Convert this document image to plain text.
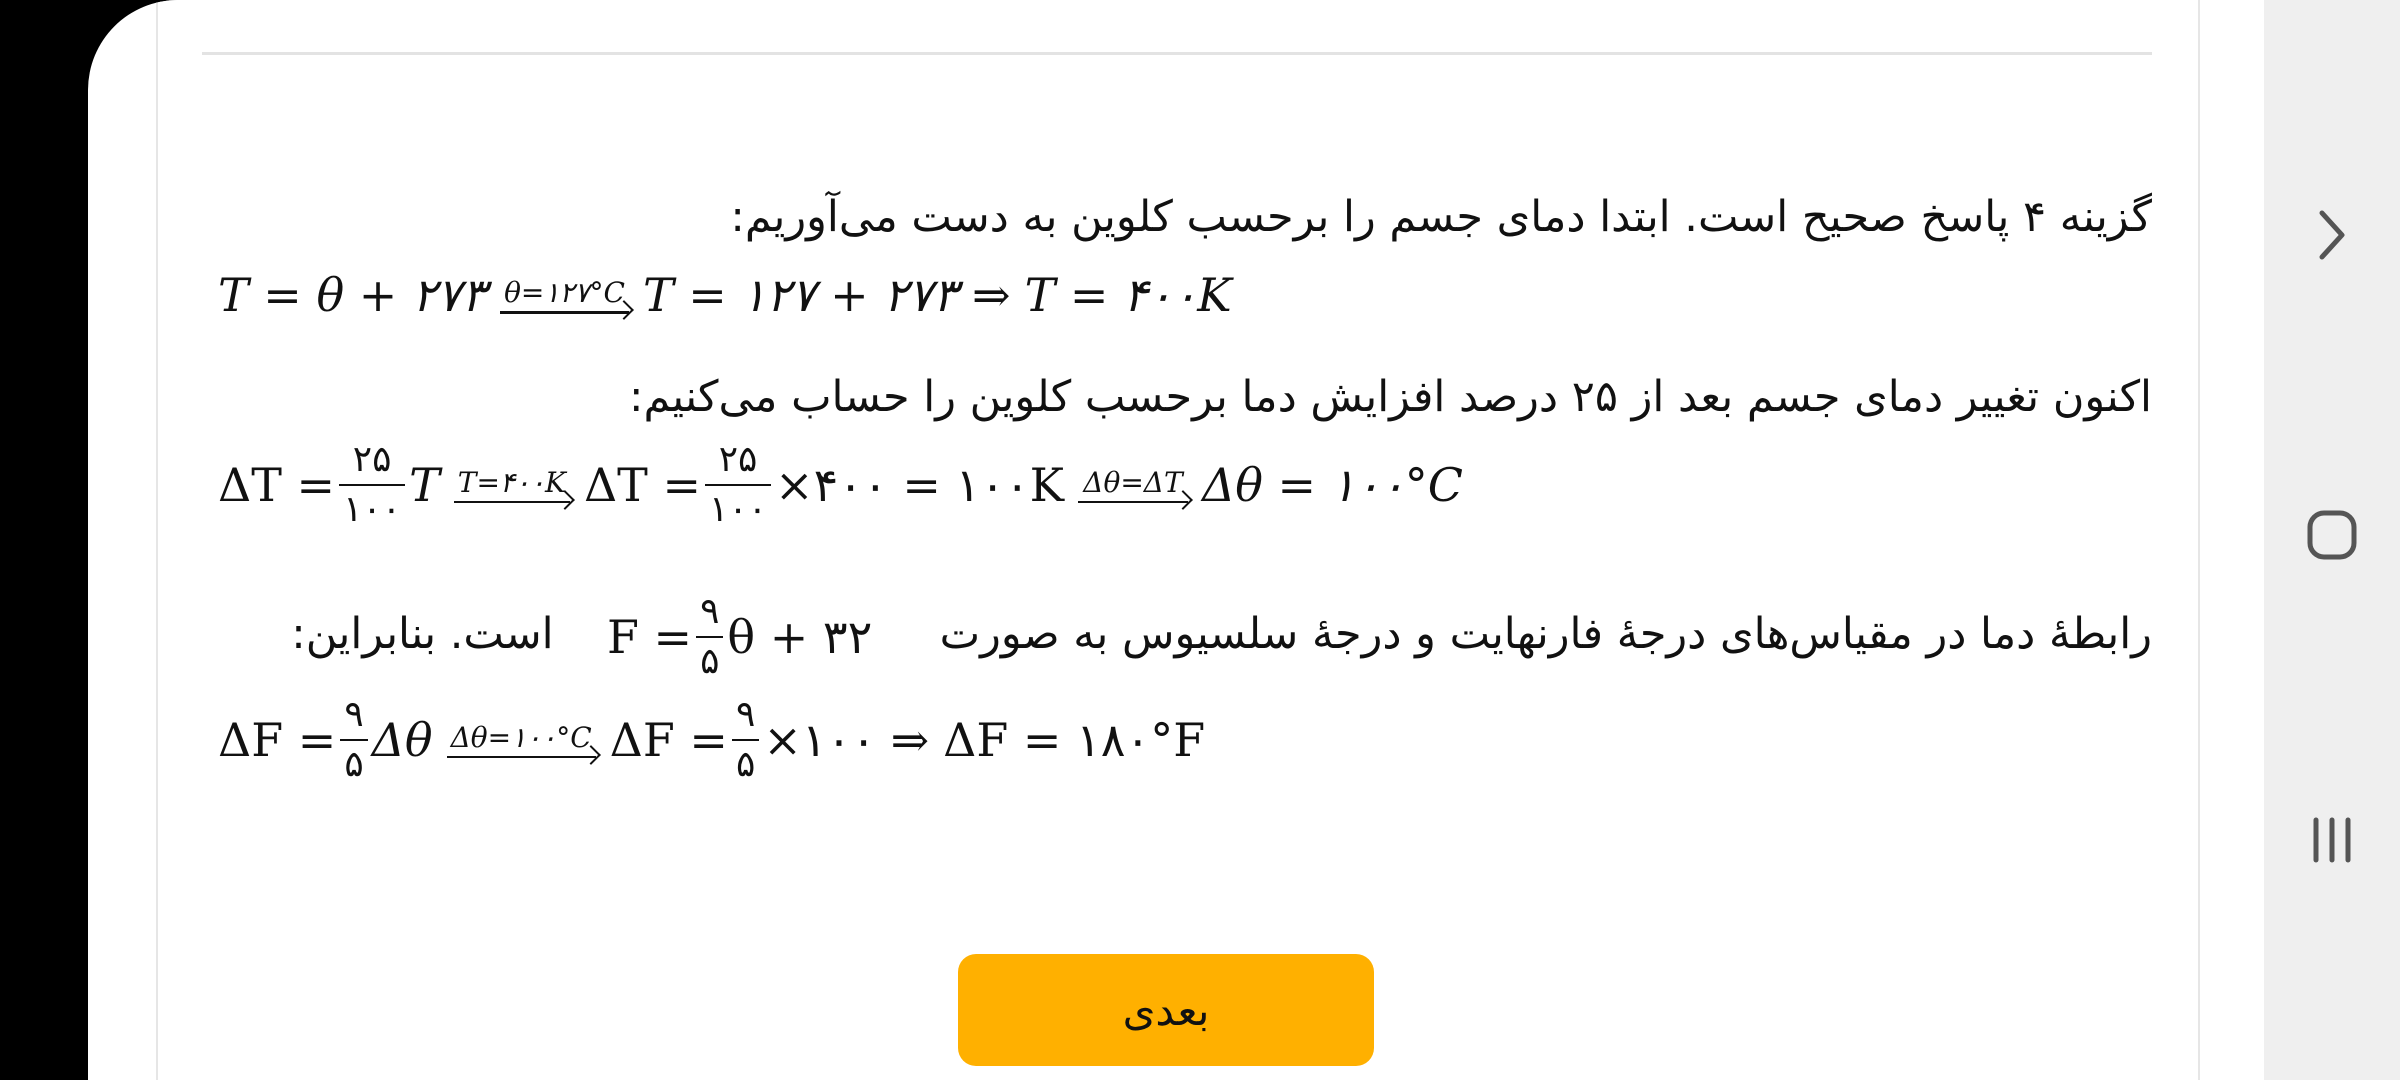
گزینه ۴ پاسخ صحیح است. ابتدا دمای جسم را برحسب کلوین به دست می‌آوریم:
T = θ + ۲۷۳ θ=۱۲۷°C T = ۱۲۷ + ۲۷۳ ⇒ T = ۴۰۰K
اکنون تغییر دمای جسم بعد از ۲۵ درصد افزایش دما برحسب کلوین را حساب می‌کنیم:
$\Delta T = \frac{۲۵}{۱۰۰}$ T T=۴۰۰K $\Delta T = \frac{۲۵}{۱۰۰}$ ×۴۰۰ = ۱۰۰K Δθ=ΔT Δθ = ۱۰۰°C
رابطهٔ دما در مقیاس‌های درجهٔ فارنهایت و درجهٔ سلسیوس به صورت
$F = \frac{۹}{۵}$ θ + ۳۲
است. بنابراین:
$\Delta F = \frac{۹}{۵}$ Δθ Δθ=۱۰۰°C $\Delta F = \frac{۹}{۵}$ ×۱۰۰ ⇒ ΔF = ۱۸۰°F
بعدی
